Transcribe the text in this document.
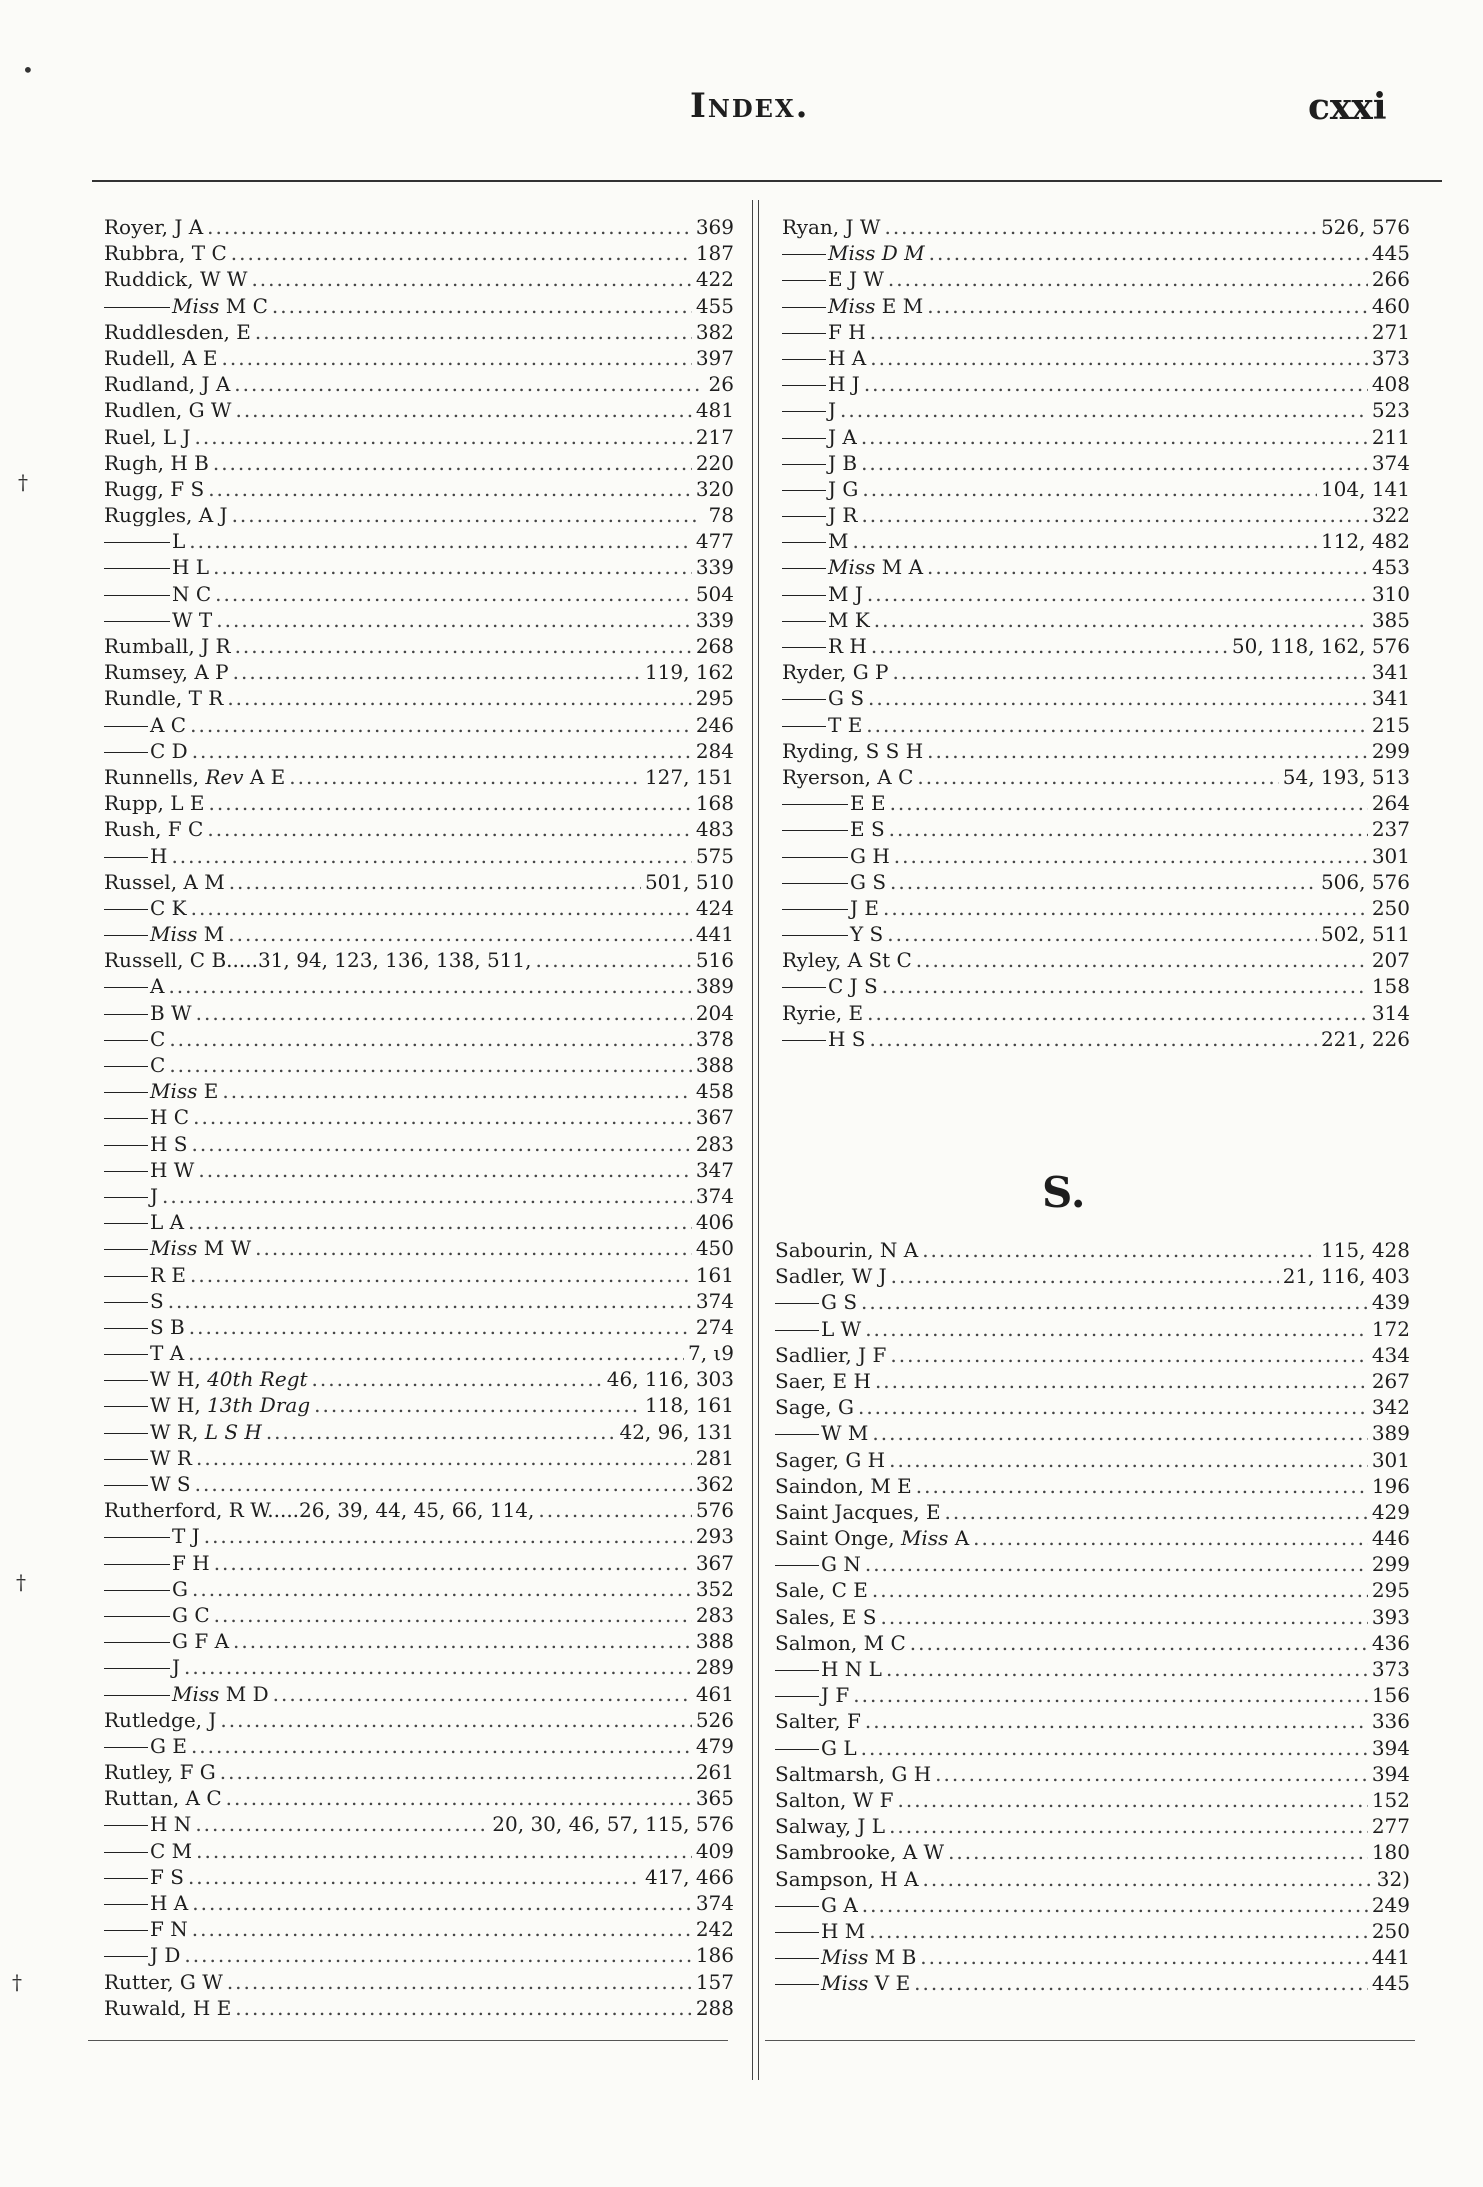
Index.	cxxi
Royer, J A .....	369
Rubbra, T C .....	187
Ruddick, W W .....	422
Miss M C .....	455
Ruddlesden, E .....	382
Rudell, A E .....	397
Rudland, J A .....	26
Rudlen, G W .....	481
Ruel, L J .....	217
Rugh, H B .....	220
Rugg, F S .....	320
Ruggles, A J .....	78
L .....	477
H L .....	339
N C .....	504
W T .....	339
Rumball, J R .....	268
Rumsey, A P .....	119, 162
Rundle, T R .....	295
A C .....	246
C D .....	284
Runnells, Rev A E .....	127, 151
Rupp, L E .....	168
Rush, F C .....	483
H .....	575
Russel, A M .....	501, 510
C K .....	424
Miss M .....	441
Russell, C B.....31, 94, 123, 136, 138, 511, .....	516
A .....	389
B W .....	204
C .....	378
C .....	388
Miss E .....	458
H C .....	367
H S .....	283
H W .....	347
J .....	374
L A .....	406
Miss M W .....	450
R E .....	161
S .....	374
S B .....	274
T A .....	7, ι9
W H, 40th Regt .....	46, 116, 303
W H, 13th Drag .....	118, 161
W R, L S H .....	42, 96, 131
W R .....	281
W S .....	362
Rutherford, R W.....26, 39, 44, 45, 66, 114, .....	576
T J .....	293
F H .....	367
G .....	352
G C .....	283
G F A .....	388
J .....	289
Miss M D .....	461
Rutledge, J .....	526
G E .....	479
Rutley, F G .....	261
Ruttan, A C .....	365
H N .....	20, 30, 46, 57, 115, 576
C M .....	409
F S .....	417, 466
H A .....	374
F N .....	242
J D .....	186
Rutter, G W .....	157
Ruwald, H E .....	288
Ryan, J W .....	526, 576
Miss D M .....	445
E J W .....	266
Miss E M .....	460
F H .....	271
H A .....	373
H J .....	408
J .....	523
J A .....	211
J B .....	374
J G .....	104, 141
J R .....	322
M .....	112, 482
Miss M A .....	453
M J .....	310
M K .....	385
R H .....	50, 118, 162, 576
Ryder, G P .....	341
G S .....	341
T E .....	215
Ryding, S S H .....	299
Ryerson, A C .....	54, 193, 513
E E .....	264
E S .....	237
G H .....	301
G S .....	506, 576
J E .....	250
Y S .....	502, 511
Ryley, A St C .....	207
C J S .....	158
Ryrie, E .....	314
H S .....	221, 226
S.
Sabourin, N A .....	115, 428
Sadler, W J .....	21, 116, 403
G S .....	439
L W .....	172
Sadlier, J F .....	434
Saer, E H .....	267
Sage, G .....	342
W M .....	389
Sager, G H .....	301
Saindon, M E .....	196
Saint Jacques, E .....	429
Saint Onge, Miss A .....	446
G N .....	299
Sale, C E .....	295
Sales, E S .....	393
Salmon, M C .....	436
H N L .....	373
J F .....	156
Salter, F .....	336
G L .....	394
Saltmarsh, G H .....	394
Salton, W F .....	152
Salway, J L .....	277
Sambrooke, A W .....	180
Sampson, H A .....	32)
G A .....	249
H M .....	250
Miss M B .....	441
Miss V E .....	445
•
†
†
†
